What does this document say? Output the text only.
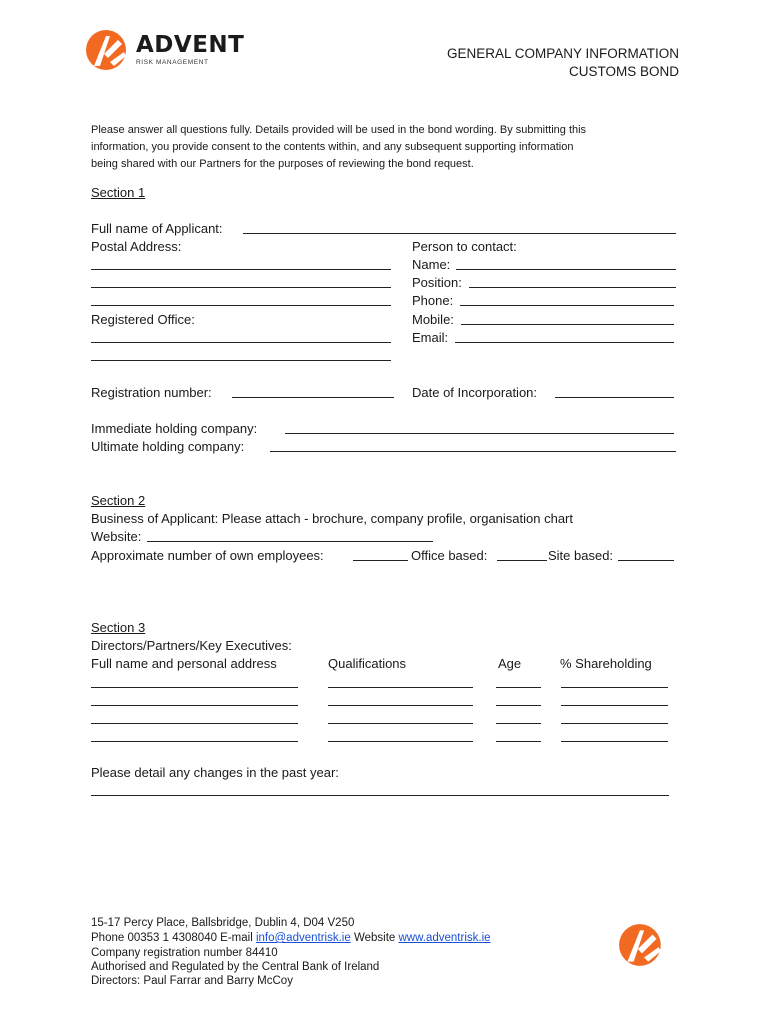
ADVENT
RISK MANAGEMENT
GENERAL COMPANY INFORMATION
CUSTOMS BOND
Please answer all questions fully. Details provided will be used in the bond wording. By submitting this
information, you provide consent to the contents within, and any subsequent supporting information
being shared with our Partners for the purposes of reviewing the bond request.
Section 1
Full name of Applicant:
Postal Address:
Registered Office:
Person to contact:
Name:
Position:
Phone:
Mobile:
Email:
Registration number:	Date of Incorporation:
Immediate holding company:
Ultimate holding company:
Section 2
Business of Applicant: Please attach - brochure, company profile, organisation chart
Website:
Approximate number of own employees:	Office based:	Site based:
Section 3
Directors/Partners/Key Executives:
Full name and personal address	Qualifications	Age	% Shareholding
Please detail any changes in the past year:
15-17 Percy Place, Ballsbridge, Dublin 4, D04 V250
Phone 00353 1 4308040 E-mail info@adventrisk.ie Website www.adventrisk.ie
Company registration number 84410
Authorised and Regulated by the Central Bank of Ireland
Directors: Paul Farrar and Barry McCoy
